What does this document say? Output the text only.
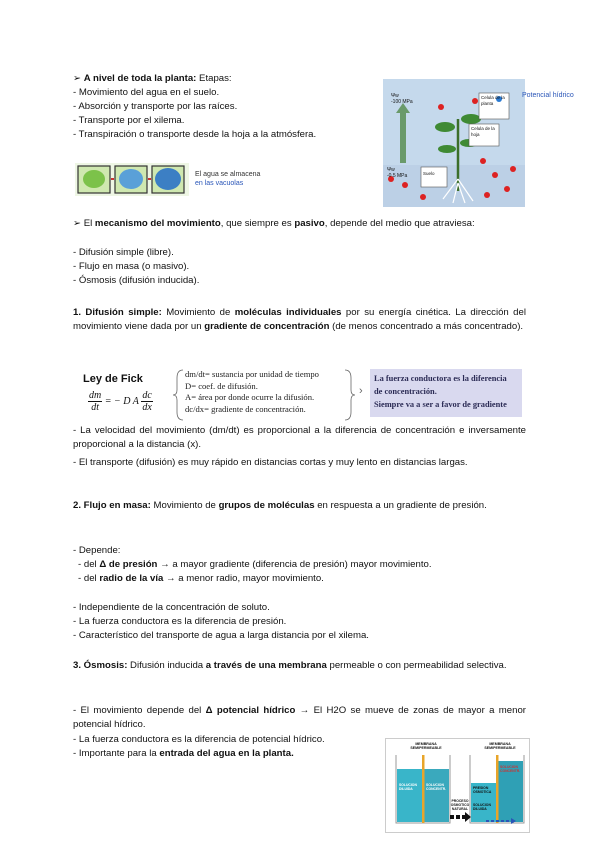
➢ A nivel de toda la planta: Etapas:
- Movimiento del agua en el suelo.
- Absorción y transporte por las raíces.
- Transporte por el xilema.
- Transpiración o transporte desde la hoja a la atmósfera.
El agua se almacena
en las vacuolas
Ψw
-100 MPa
Ψw
-0.5 MPa
Celula de la planta
Celula de la hoja
Suelo
Potencial hídrico
➢ El mecanismo del movimiento, que siempre es pasivo, depende del medio que atraviesa:
- Difusión simple (libre).
- Flujo en masa (o masivo).
- Ósmosis (difusión inducida).
1. Difusión simple: Movimiento de moléculas individuales por su energía cinética. La dirección del movimiento viene dada por un gradiente de concentración (de menos concentrado a más concentrado).
Ley de Fick
$\frac{dm}{dt}$ = − D A $\frac{dc}{dx}$
dm/dt= sustancia por unidad de tiempo
D= coef. de difusión.
A= área por donde ocurre la difusión.
dc/dx= gradiente de concentración.
›
La fuerza conductora es la diferencia
de concentración.
Siempre va a ser a favor de gradiente
- La velocidad del movimiento (dm/dt) es proporcional a la diferencia de concentración e inversamente proporcional a la distancia (x).
- El transporte (difusión) es muy rápido en distancias cortas y muy lento en distancias largas.
2. Flujo en masa: Movimiento de grupos de moléculas en respuesta a un gradiente de presión.
- Depende:
- del Δ de presión → a mayor gradiente (diferencia de presión) mayor movimiento.
- del radio de la vía → a menor radio, mayor movimiento.
- Independiente de la concentración de soluto.
- La fuerza conductora es la diferencia de presión.
- Característico del transporte de agua a larga distancia por el xilema.
3. Ósmosis: Difusión inducida a través de una membrana permeable o con permeabilidad selectiva.
- El movimiento depende del Δ potencial hídrico → El H2O se mueve de zonas de mayor a menor potencial hídrico.
- La fuerza conductora es la diferencia de potencial hídrico.
- Importante para la entrada del agua en la planta.
MEMBRANA SEMIPERMEABLE
MEMBRANA SEMIPERMEABLE
SOLUCION DILUIDA
SOLUCION CONCENTR.
PROCESO OSMOTICO NATURAL
SOLUCION CONCENTR.
PRESION OSMOTICA
SOLUCION DILUIDA
